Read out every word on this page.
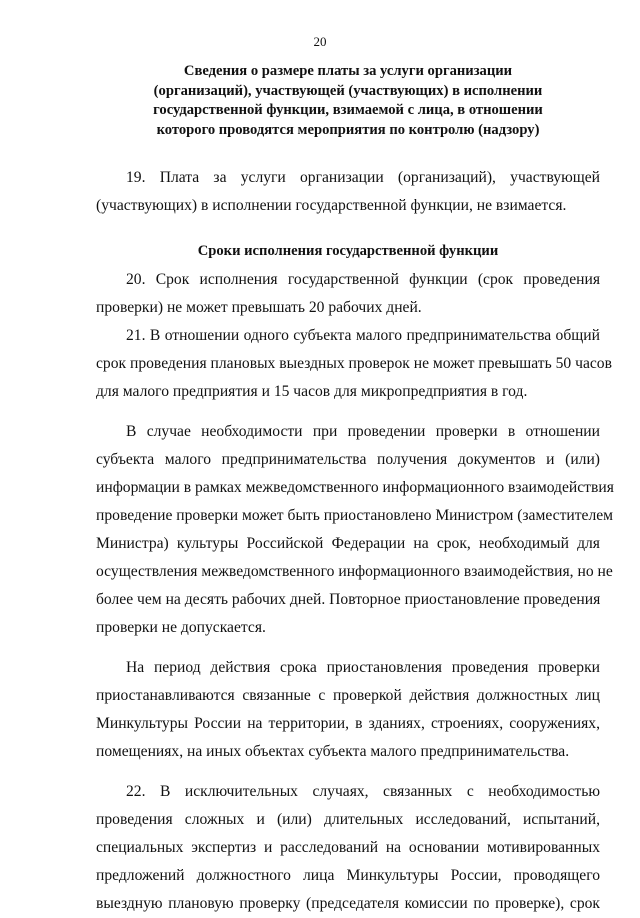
20
Сведения о размере платы за услуги организации
(организаций), участвующей (участвующих) в исполнении
государственной функции, взимаемой с лица, в отношении
которого проводятся мероприятия по контролю (надзору)
19. Плата за услуги организации (организаций), участвующей
(участвующих) в исполнении государственной функции, не взимается.
Сроки исполнения государственной функции
20. Срок исполнения государственной функции (срок проведения
проверки) не может превышать 20 рабочих дней.
21. В отношении одного субъекта малого предпринимательства общий
срок проведения плановых выездных проверок не может превышать 50 часов
для малого предприятия и 15 часов для микропредприятия в год.
В случае необходимости при проведении проверки в отношении
субъекта малого предпринимательства получения документов и (или)
информации в рамках межведомственного информационного взаимодействия
проведение проверки может быть приостановлено Министром (заместителем
Министра) культуры Российской Федерации на срок, необходимый для
осуществления межведомственного информационного взаимодействия, но не
более чем на десять рабочих дней. Повторное приостановление проведения
проверки не допускается.
На период действия срока приостановления проведения проверки
приостанавливаются связанные с проверкой действия должностных лиц
Минкультуры России на территории, в зданиях, строениях, сооружениях,
помещениях, на иных объектах субъекта малого предпринимательства.
22. В исключительных случаях, связанных с необходимостью
проведения сложных и (или) длительных исследований, испытаний,
специальных экспертиз и расследований на основании мотивированных
предложений должностного лица Минкультуры России, проводящего
выездную плановую проверку (председателя комиссии по проверке), срок
